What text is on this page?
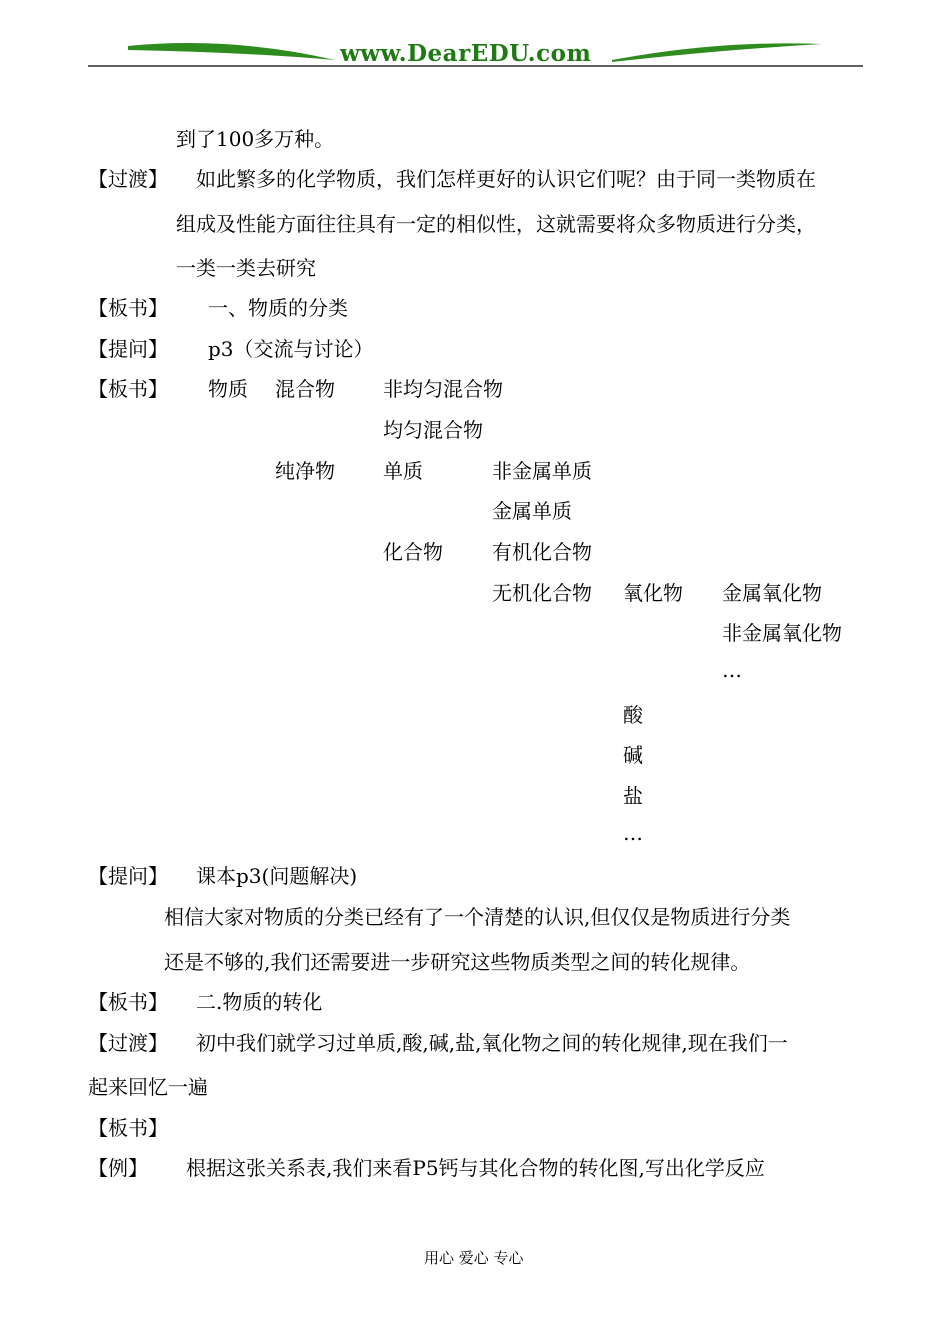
www.DearEDU.com
到了100多万种。
【过渡】 如此繁多的化学物质，我们怎样更好的认识它们呢？由于同一类物质在
组成及性能方面往往具有一定的相似性，这就需要将众多物质进行分类，
一类一类去研究
【板书】 一、物质的分类
【提问】 p3（交流与讨论）
【板书】 物质 混合物 非均匀混合物
均匀混合物
纯净物 单质	非金属单质
金属单质
化合物 有机化合物
无机化合物 氧化物 金属氧化物
非金属氧化物
…
酸
碱
盐
…
【提问】 课本p3(问题解决)
相信大家对物质的分类已经有了一个清楚的认识,但仅仅是物质进行分类
还是不够的,我们还需要进一步研究这些物质类型之间的转化规律。
【板书】 二.物质的转化
【过渡】 初中我们就学习过单质,酸,碱,盐,氧化物之间的转化规律,现在我们一
起来回忆一遍
【板书】
【例】 根据这张关系表,我们来看P5钙与其化合物的转化图,写出化学反应
用心 爱心 专心
